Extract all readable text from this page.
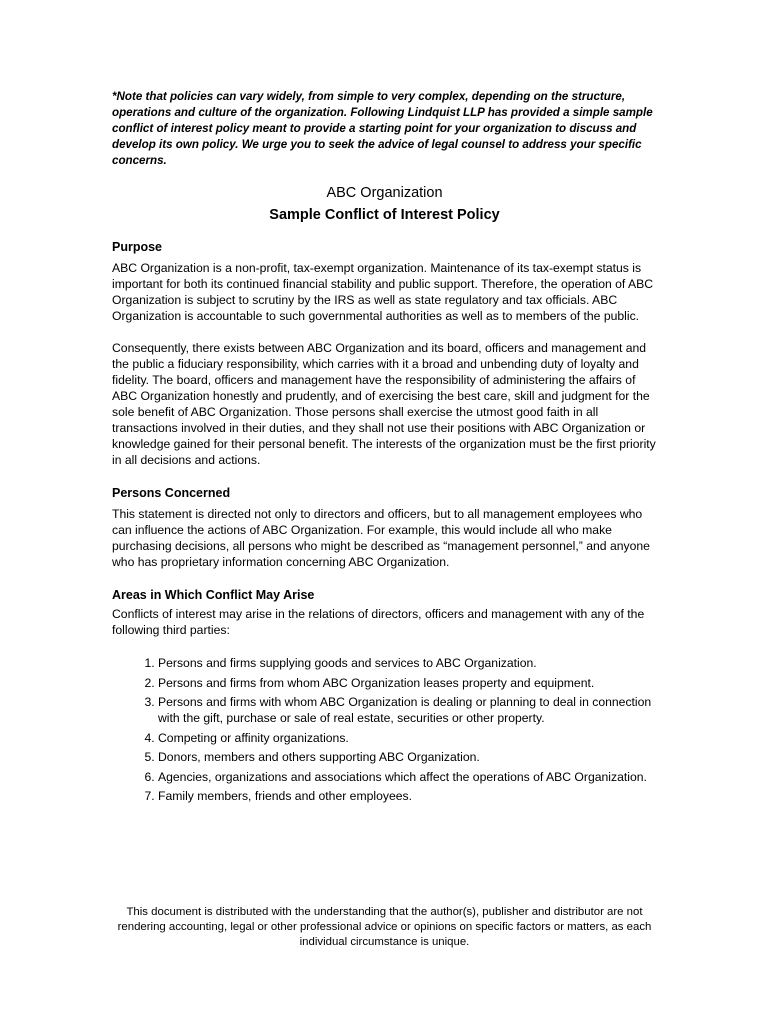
*Note that policies can vary widely, from simple to very complex, depending on the structure, operations and culture of the organization. Following Lindquist LLP has provided a simple sample conflict of interest policy meant to provide a starting point for your organization to discuss and develop its own policy. We urge you to seek the advice of legal counsel to address your specific concerns.

ABC Organization
Sample Conflict of Interest Policy
Purpose

ABC Organization is a non-profit, tax-exempt organization. Maintenance of its tax-exempt status is important for both its continued financial stability and public support. Therefore, the operation of ABC Organization is subject to scrutiny by the IRS as well as state regulatory and tax officials. ABC Organization is accountable to such governmental authorities as well as to members of the public.

Consequently, there exists between ABC Organization and its board, officers and management and the public a fiduciary responsibility, which carries with it a broad and unbending duty of loyalty and fidelity. The board, officers and management have the responsibility of administering the affairs of ABC Organization honestly and prudently, and of exercising the best care, skill and judgment for the sole benefit of ABC Organization. Those persons shall exercise the utmost good faith in all transactions involved in their duties, and they shall not use their positions with ABC Organization or knowledge gained for their personal benefit. The interests of the organization must be the first priority in all decisions and actions.

Persons Concerned

This statement is directed not only to directors and officers, but to all management employees who can influence the actions of ABC Organization. For example, this would include all who make purchasing decisions, all persons who might be described as “management personnel,” and anyone who has proprietary information concerning ABC Organization.

Areas in Which Conflict May Arise

Conflicts of interest may arise in the relations of directors, officers and management with any of the following third parties:

1. Persons and firms supplying goods and services to ABC Organization.
2. Persons and firms from whom ABC Organization leases property and equipment.
3. Persons and firms with whom ABC Organization is dealing or planning to deal in connection with the gift, purchase or sale of real estate, securities or other property.
4. Competing or affinity organizations.
5. Donors, members and others supporting ABC Organization.
6. Agencies, organizations and associations which affect the operations of ABC Organization.
7. Family members, friends and other employees.

This document is distributed with the understanding that the author(s), publisher and distributor are not rendering accounting, legal or other professional advice or opinions on specific factors or matters, as each individual circumstance is unique.
